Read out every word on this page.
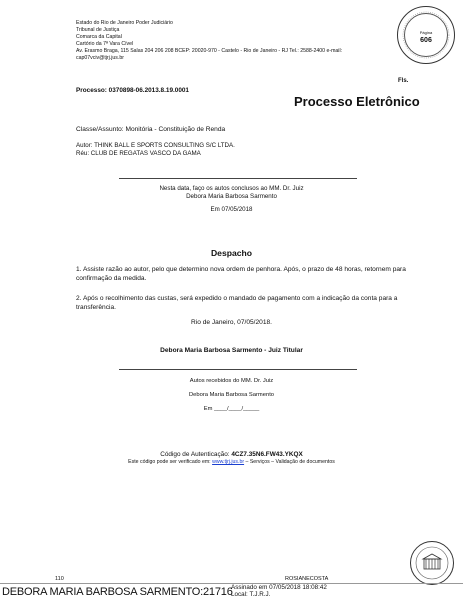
Estado do Rio de Janeiro Poder Judiciário
Tribunal de Justiça
Comarca da Capital
Cartório da 7ª Vara Cível
Av. Erasmo Braga, 115 Salas 204 206 208 BCEP: 20020-970 - Castelo - Rio de Janeiro - RJ Tel.: 2588-2400 e-mail:
cap07vciv@tjrj.jus.br
Página
606
Fls.
Processo: 0370898-06.2013.8.19.0001
Processo Eletrônico
Classe/Assunto: Monitória - Constituição de Renda
Autor: THINK BALL E SPORTS CONSULTING S/C LTDA.
Réu: CLUB DE REGATAS VASCO DA GAMA
Nesta data, faço os autos conclusos ao MM. Dr. Juiz
Debora Maria Barbosa Sarmento
Em 07/05/2018
Despacho
1. Assiste razão ao autor, pelo que determino nova ordem de penhora. Após, o prazo de 48 horas, retornem para confirmação da medida.
2. Após o recolhimento das custas, será expedido o mandado de pagamento com a indicação da conta para a transferência.
Rio de Janeiro, 07/05/2018.
Debora Maria Barbosa Sarmento - Juiz Titular
Autos recebidos do MM. Dr. Juiz
Debora Maria Barbosa Sarmento
Em ____/____/_____
Código de Autenticação: 4CZ7.35N6.FW43.YKQX
Este código pode ser verificado em: www.tjrj.jus.br – Serviços – Validação de documentos
110	ROSIANECOSTA
DEBORA MARIA BARBOSA SARMENTO:21716
Assinado em 07/05/2018 18:08:42
Local: T.J.R.J.
